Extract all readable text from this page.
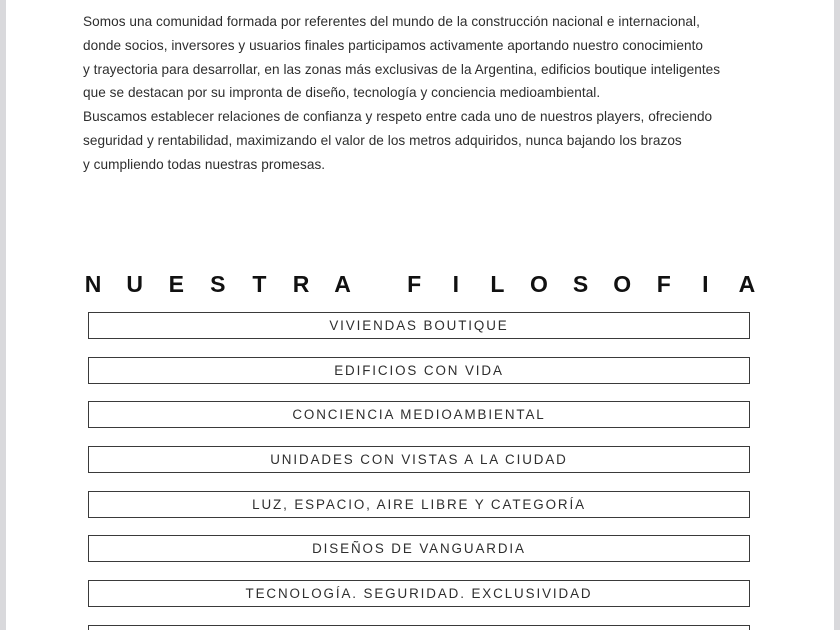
Somos una comunidad formada por referentes del mundo de la construcción nacional e internacional,
donde socios, inversores y usuarios finales participamos activamente aportando nuestro conocimiento
y trayectoria para desarrollar, en las zonas más exclusivas de la Argentina, edificios boutique inteligentes
que se destacan por su impronta de diseño, tecnología y conciencia medioambiental.
Buscamos establecer relaciones de confianza y respeto entre cada uno de nuestros players, ofreciendo
seguridad y rentabilidad, maximizando el valor de los metros adquiridos, nunca bajando los brazos
y cumpliendo todas nuestras promesas.
N U E S T R A F I L O S O F I A
VIVIENDAS BOUTIQUE
EDIFICIOS CON VIDA
CONCIENCIA MEDIOAMBIENTAL
UNIDADES CON VISTAS A LA CIUDAD
LUZ, ESPACIO, AIRE LIBRE Y CATEGORÍA
DISEÑOS DE VANGUARDIA
TECNOLOGÍA. SEGURIDAD. EXCLUSIVIDAD
